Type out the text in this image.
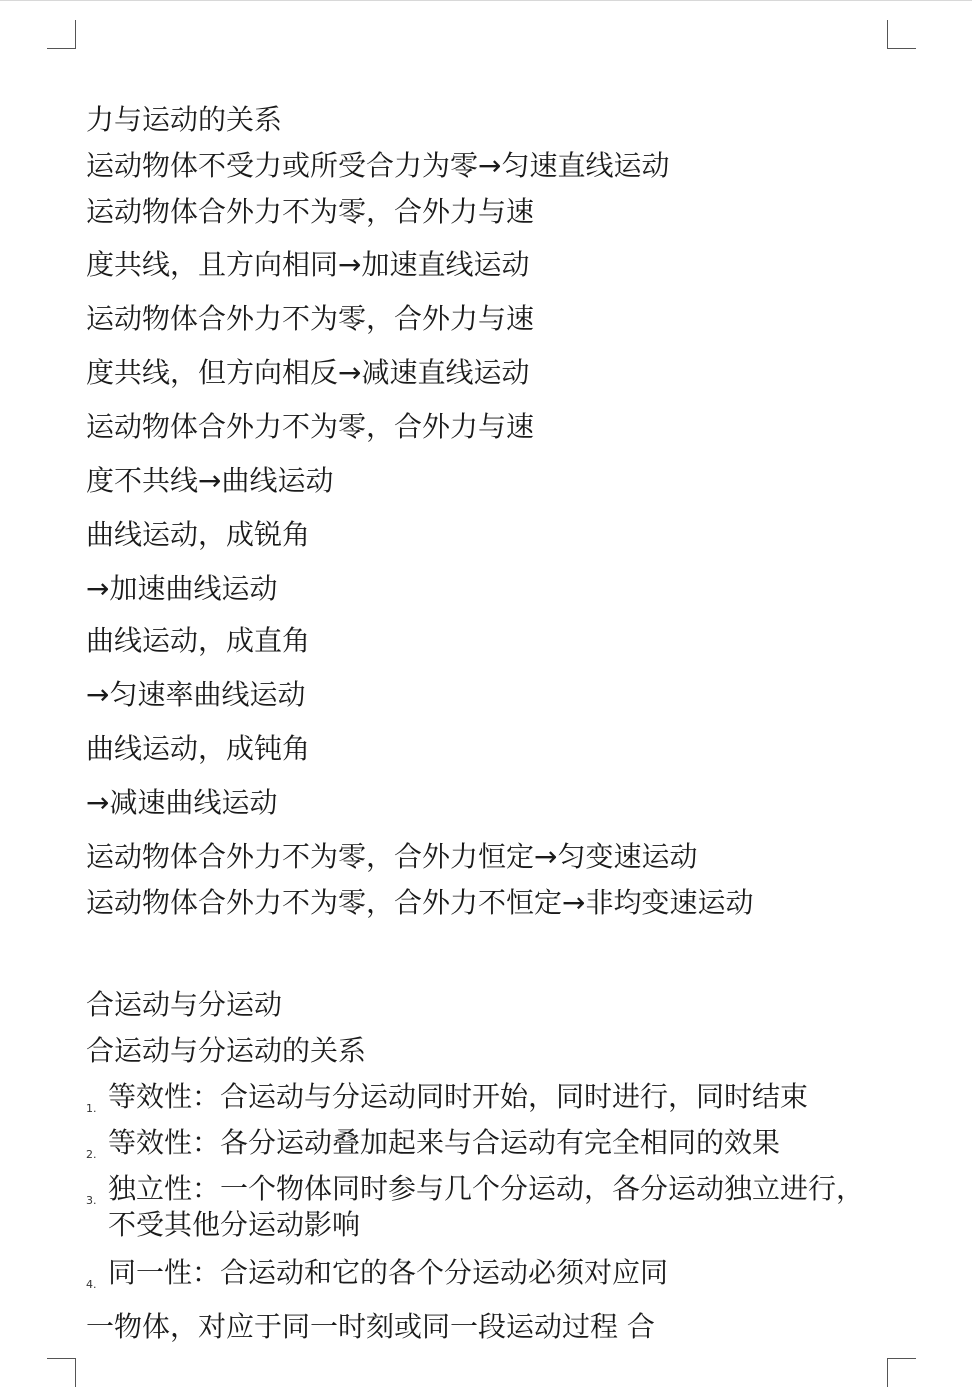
力与运动的关系
运动物体不受力或所受合力为零→匀速直线运动
运动物体合外力不为零，合外力与速
度共线，且方向相同→加速直线运动
运动物体合外力不为零，合外力与速
度共线，但方向相反→减速直线运动
运动物体合外力不为零，合外力与速
度不共线→曲线运动
曲线运动，成锐角
→加速曲线运动
曲线运动，成直角
→匀速率曲线运动
曲线运动，成钝角
→减速曲线运动
运动物体合外力不为零，合外力恒定→匀变速运动
运动物体合外力不为零，合外力不恒定→非均变速运动
合运动与分运动
合运动与分运动的关系
1. 等效性：合运动与分运动同时开始，同时进行，同时结束
2. 等效性：各分运动叠加起来与合运动有完全相同的效果
3. 独立性：一个物体同时参与几个分运动，各分运动独立进行，不受其他分运动影响
4. 同一性：合运动和它的各个分运动必须对应同
一物体，对应于同一时刻或同一段运动过程 合
